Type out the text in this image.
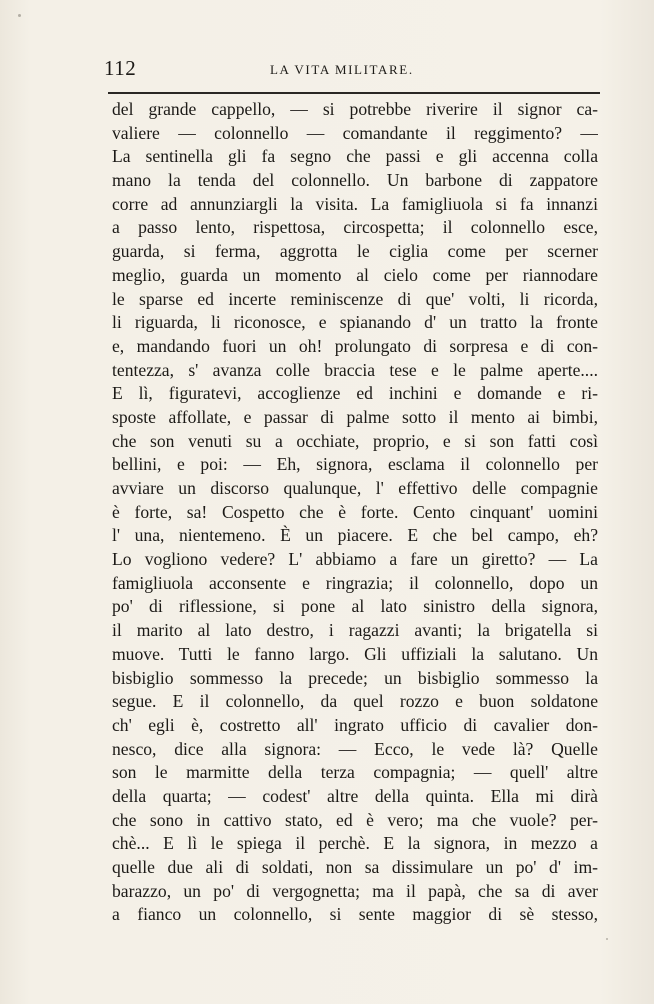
112	LA VITA MILITARE.
del grande cappello, — si potrebbe riverire il signor ca-
valiere — colonnello — comandante il reggimento? —
La sentinella gli fa segno che passi e gli accenna colla
mano la tenda del colonnello. Un barbone di zappatore
corre ad annunziargli la visita. La famigliuola si fa innanzi
a passo lento, rispettosa, circospetta; il colonnello esce,
guarda, si ferma, aggrotta le ciglia come per scerner
meglio, guarda un momento al cielo come per riannodare
le sparse ed incerte reminiscenze di que' volti, li ricorda,
li riguarda, li riconosce, e spianando d' un tratto la fronte
e, mandando fuori un oh! prolungato di sorpresa e di con-
tentezza, s' avanza colle braccia tese e le palme aperte....
E lì, figuratevi, accoglienze ed inchini e domande e ri-
sposte affollate, e passar di palme sotto il mento ai bimbi,
che son venuti su a occhiate, proprio, e si son fatti così
bellini, e poi: — Eh, signora, esclama il colonnello per
avviare un discorso qualunque, l' effettivo delle compagnie
è forte, sa! Cospetto che è forte. Cento cinquant' uomini
l' una, nientemeno. È un piacere. E che bel campo, eh?
Lo vogliono vedere? L' abbiamo a fare un giretto? — La
famigliuola acconsente e ringrazia; il colonnello, dopo un
po' di riflessione, si pone al lato sinistro della signora,
il marito al lato destro, i ragazzi avanti; la brigatella si
muove. Tutti le fanno largo. Gli uffiziali la salutano. Un
bisbiglio sommesso la precede; un bisbiglio sommesso la
segue. E il colonnello, da quel rozzo e buon soldatone
ch' egli è, costretto all' ingrato ufficio di cavalier don-
nesco, dice alla signora: — Ecco, le vede là? Quelle
son le marmitte della terza compagnia; — quell' altre
della quarta; — codest' altre della quinta. Ella mi dirà
che sono in cattivo stato, ed è vero; ma che vuole? per-
chè... E lì le spiega il perchè. E la signora, in mezzo a
quelle due ali di soldati, non sa dissimulare un po' d' im-
barazzo, un po' di vergognetta; ma il papà, che sa di aver
a fianco un colonnello, si sente maggior di sè stesso,
